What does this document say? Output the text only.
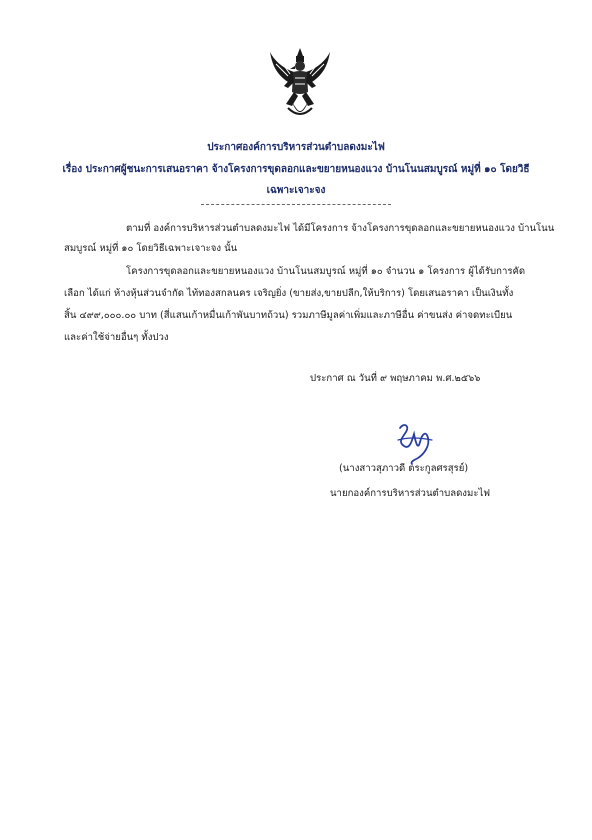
ประกาศองค์การบริหารส่วนตำบลดงมะไฟ
เรื่อง ประกาศผู้ชนะการเสนอราคา จ้างโครงการขุดลอกและขยายหนองแวง บ้านโนนสมบูรณ์ หมู่ที่ ๑๐ โดยวิธี
เฉพาะเจาะจง
ตามที่ องค์การบริหารส่วนตำบลดงมะไฟ ได้มีโครงการ จ้างโครงการขุดลอกและขยายหนองแวง บ้านโนน
สมบูรณ์ หมู่ที่ ๑๐ โดยวิธีเฉพาะเจาะจง นั้น
โครงการขุดลอกและขยายหนองแวง บ้านโนนสมบูรณ์ หมู่ที่ ๑๐ จำนวน ๑ โครงการ ผู้ได้รับการคัด
เลือก ได้แก่ ห้างหุ้นส่วนจำกัด ไท้ทองสกลนคร เจริญยิ่ง (ขายส่ง,ขายปลีก,ให้บริการ) โดยเสนอราคา เป็นเงินทั้ง
สิ้น ๔๙๙,๐๐๐.๐๐ บาท (สี่แสนเก้าหมื่นเก้าพันบาทถ้วน) รวมภาษีมูลค่าเพิ่มและภาษีอื่น ค่าขนส่ง ค่าจดทะเบียน
และค่าใช้จ่ายอื่นๆ ทั้งปวง
ประกาศ ณ วันที่ ๙ พฤษภาคม พ.ศ.๒๕๖๖
(นางสาวสุภาวดี ตระกูลศรสุรย์)
นายกองค์การบริหารส่วนตำบลดงมะไฟ
